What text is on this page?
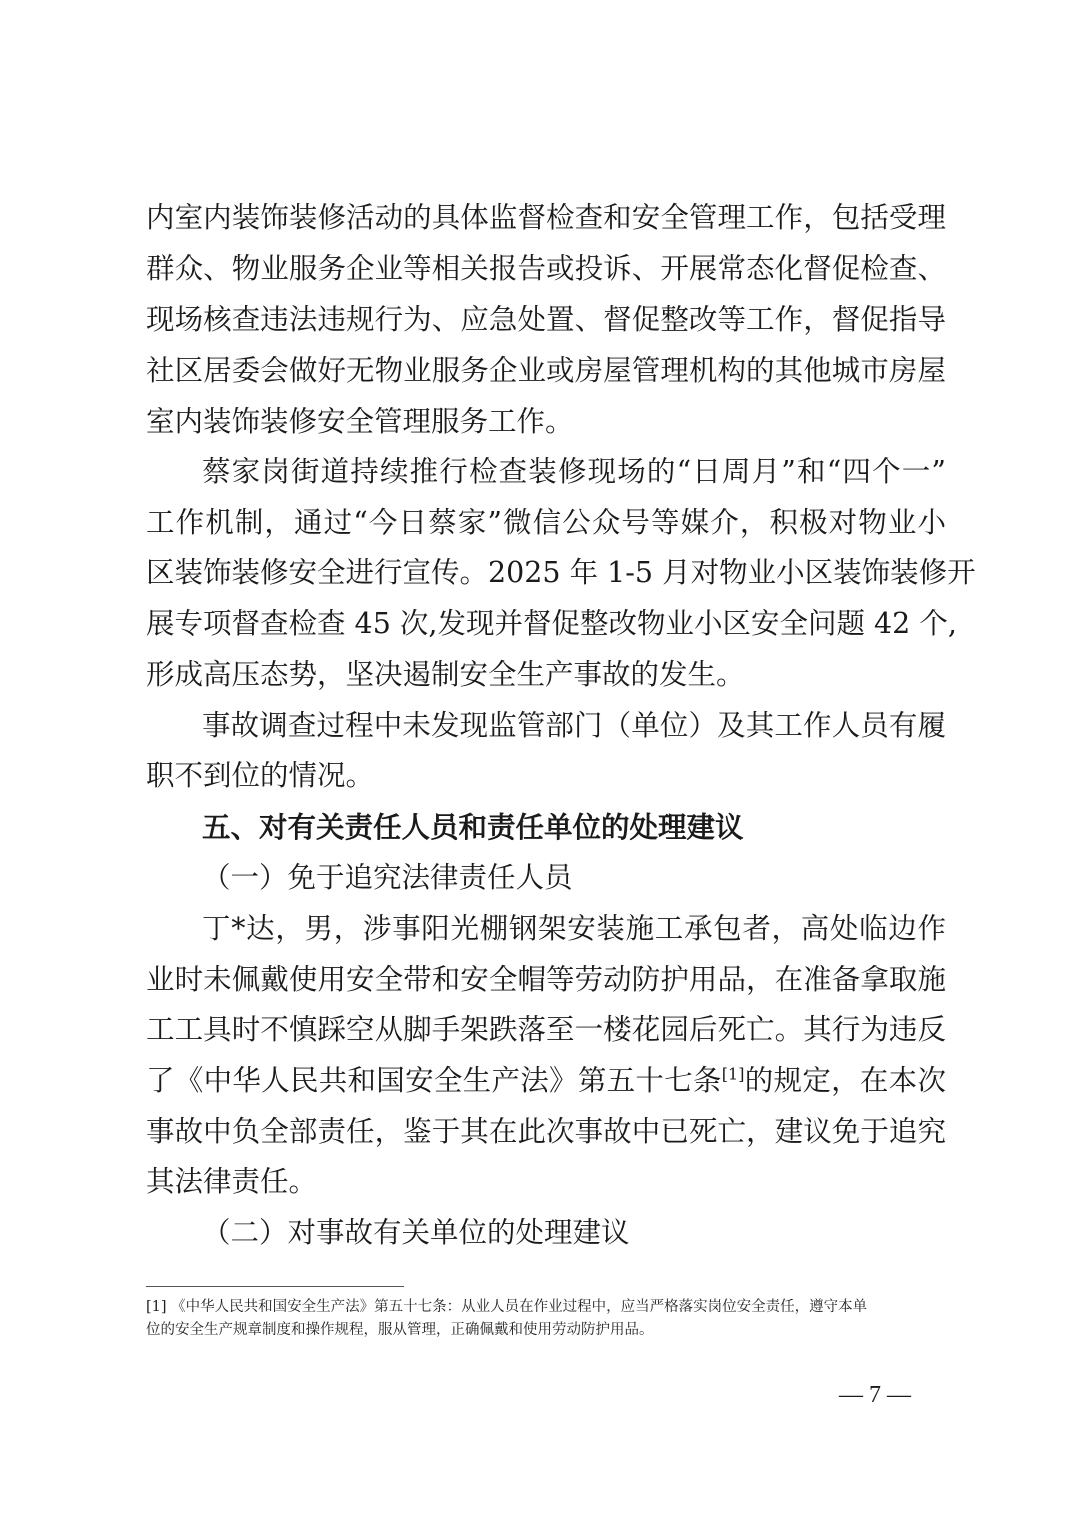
内室内装饰装修活动的具体监督检查和安全管理工作，包括受理
群众、物业服务企业等相关报告或投诉、开展常态化督促检查、
现场核查违法违规行为、应急处置、督促整改等工作，督促指导
社区居委会做好无物业服务企业或房屋管理机构的其他城市房屋
室内装饰装修安全管理服务工作。
蔡家岗街道持续推行检查装修现场的“日周月”和“四个一”
工作机制，通过“今日蔡家”微信公众号等媒介，积极对物业小
区装饰装修安全进行宣传。2025 年 1-5 月对物业小区装饰装修开
展专项督查检查 45 次,发现并督促整改物业小区安全问题 42 个,
形成高压态势，坚决遏制安全生产事故的发生。
事故调查过程中未发现监管部门（单位）及其工作人员有履
职不到位的情况。
五、对有关责任人员和责任单位的处理建议
（一）免于追究法律责任人员
丁*达，男，涉事阳光棚钢架安装施工承包者，高处临边作
业时未佩戴使用安全带和安全帽等劳动防护用品，在准备拿取施
工工具时不慎踩空从脚手架跌落至一楼花园后死亡。其行为违反
了《中华人民共和国安全生产法》第五十七条[1]的规定，在本次
事故中负全部责任，鉴于其在此次事故中已死亡，建议免于追究
其法律责任。
（二）对事故有关单位的处理建议
[1] 《中华人民共和国安全生产法》第五十七条：从业人员在作业过程中，应当严格落实岗位安全责任，遵守本单
位的安全生产规章制度和操作规程，服从管理，正确佩戴和使用劳动防护用品。
— 7 —
